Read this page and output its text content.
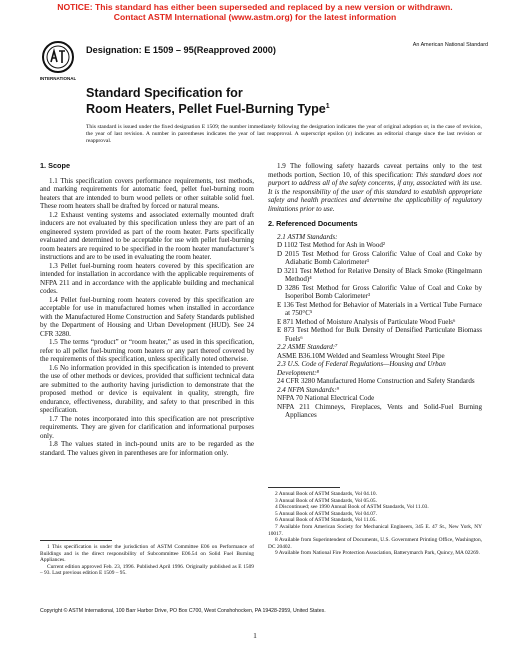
NOTICE: This standard has either been superseded and replaced by a new version or withdrawn.
Contact ASTM International (www.astm.org) for the latest information
INTERNATIONAL
Designation: E 1509 – 95(Reapproved 2000)	An American National Standard
Standard Specification for
Room Heaters, Pellet Fuel-Burning Type$^1$
This standard is issued under the fixed designation E 1509; the number immediately following the designation indicates the year of original adoption or, in the case of revision, the year of last revision. A number in parentheses indicates the year of last reapproval. A superscript epsilon (ε) indicates an editorial change since the last revision or reapproval.
1. Scope

1.1 This specification covers performance requirements, test methods, and marking requirements for automatic feed, pellet fuel-burning room heaters that are intended to burn wood pellets or other suitable solid fuel. These room heaters shall be drafted by forced or natural means.

1.2 Exhaust venting systems and associated externally mounted draft inducers are not evaluated by this specification unless they are part of an engineered system provided as part of the room heater. Parts specifically evaluated and determined to be acceptable for use with pellet fuel-burning room heaters are required to be specified in the room heater manufacturer’s instructions and are to be used in evaluating the room heater.

1.3 Pellet fuel-burning room heaters covered by this specification are intended for installation in accordance with the applicable requirements of NFPA 211 and in accordance with the applicable building and mechanical codes.

1.4 Pellet fuel-burning room heaters covered by this specification are acceptable for use in manufactured homes when installed in accordance with the Manufactured Home Construction and Safety Standards published by the Department of Housing and Urban Development (HUD). See 24 CFR 3280.

1.5 The terms “product” or “room heater,” as used in this specification, refer to all pellet fuel-burning room heaters or any part thereof covered by the requirements of this specification, unless specifically noted otherwise.

1.6 No information provided in this specification is intended to prevent the use of other methods or devices, provided that sufficient technical data are submitted to the authority having jurisdiction to demonstrate that the proposed method or device is equivalent in quality, strength, fire endurance, effectiveness, durability, and safety to that prescribed in this specification.

1.7 The notes incorporated into this specification are not prescriptive requirements. They are given for clarification and informational purposes only.

1.8 The values stated in inch-pound units are to be regarded as the standard. The values given in parentheses are for information only.

1 This specification is under the jurisdiction of ASTM Committee E06 on Performance of Buildings and is the direct responsibility of Subcommittee E06.54 on Solid Fuel Burning Appliances.

Current edition approved Feb. 23, 1996. Published April 1996. Originally published as E 1509 – 93. Last previous edition E 1509 – 95.

1.9 The following safety hazards caveat pertains only to the test methods portion, Section 10, of this specification: This standard does not purport to address all of the safety concerns, if any, associated with its use. It is the responsibility of the user of this standard to establish appropriate safety and health practices and determine the applicability of regulatory limitations prior to use.

2. Referenced Documents
2.1 ASTM Standards:
D 1102 Test Method for Ash in Wood²
D 2015 Test Method for Gross Calorific Value of Coal and Coke by Adiabatic Bomb Calorimeter³
D 3211 Test Method for Relative Density of Black Smoke (Ringelmann Method)⁴
D 3286 Test Method for Gross Calorific Value of Coal and Coke by Isoperibol Bomb Calorimeter³
E 136 Test Method for Behavior of Materials in a Vertical Tube Furnace at 750°C⁵
E 871 Method of Moisture Analysis of Particulate Wood Fuels⁶
E 873 Test Method for Bulk Density of Densified Particulate Biomass Fuels⁶
2.2 ASME Standard:⁷
ASME B36.10M Welded and Seamless Wrought Steel Pipe
2.3 U.S. Code of Federal Regulations—Housing and Urban Development:⁸
24 CFR 3280 Manufactured Home Construction and Safety Standards
2.4 NFPA Standards:⁹
NFPA 70 National Electrical Code
NFPA 211 Chimneys, Fireplaces, Vents and Solid-Fuel Burning Appliances

2 Annual Book of ASTM Standards, Vol 04.10.

3 Annual Book of ASTM Standards, Vol 05.05.

4 Discontinued; see 1990 Annual Book of ASTM Standards, Vol 11.03.

5 Annual Book of ASTM Standards, Vol 04.07.

6 Annual Book of ASTM Standards, Vol 11.05.

7 Available from American Society for Mechanical Engineers, 345 E. 47 St., New York, NY 10017.

8 Available from Superintendent of Documents, U.S. Government Printing Office, Washington, DC 20402.

9 Available from National Fire Protection Association, Batterymarch Park, Quincy, MA 02269.

Copyright © ASTM International, 100 Barr Harbor Drive, PO Box C700, West Conshohocken, PA 19428-2959, United States.
1
